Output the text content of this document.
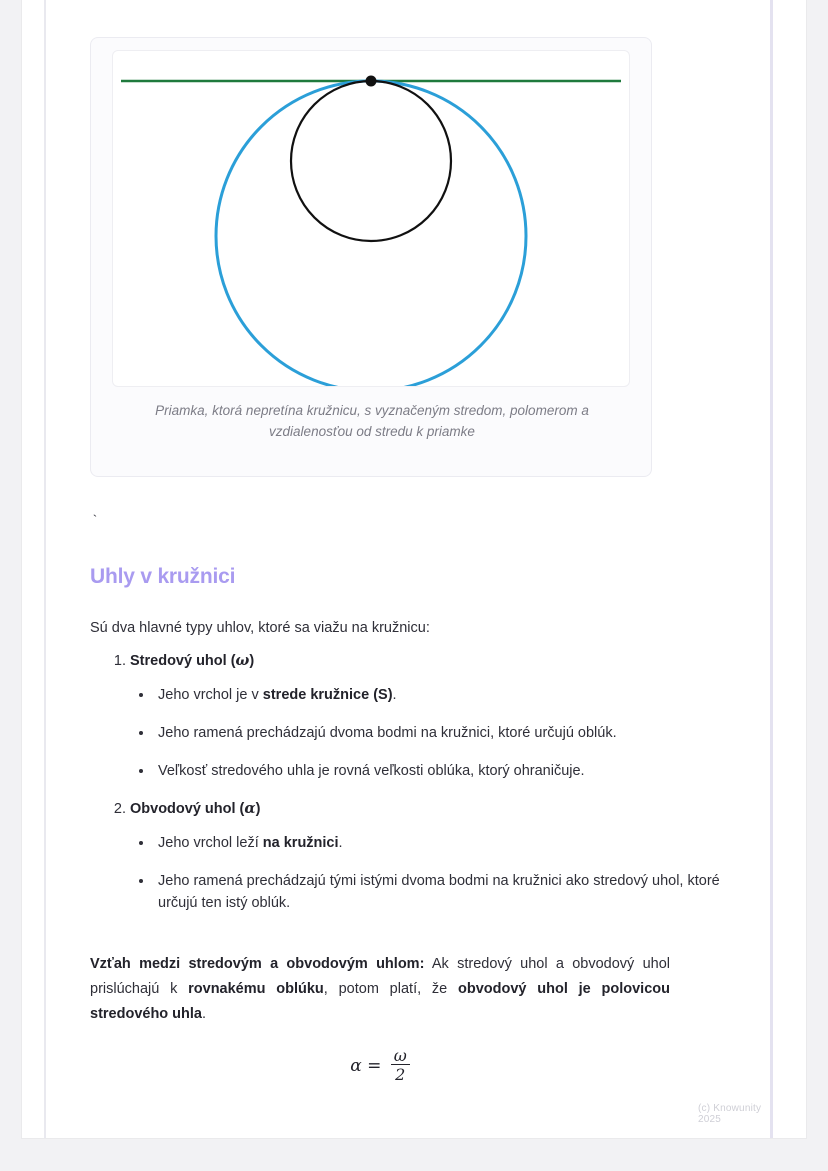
Priamka, ktorá nepretína kružnicu, s vyznačeným stredom, polomerom a vzdialenosťou od stredu k priamke
`
Uhly v kružnici

Sú dva hlavné typy uhlov, ktoré sa viažu na kružnicu:

1. Stredový uhol (ω)
• Jeho vrchol je v strede kružnice (S).
• Jeho ramená prechádzajú dvoma bodmi na kružnici, ktoré určujú oblúk.
• Veľkosť stredového uhla je rovná veľkosti oblúka, ktorý ohraničuje.
2. Obvodový uhol (α)
• Jeho vrchol leží na kružnici.
• Jeho ramená prechádzajú tými istými dvoma bodmi na kružnici ako stredový uhol, ktoré určujú ten istý oblúk.

Vzťah medzi stredovým a obvodovým uhlom: Ak stredový uhol a obvodový uhol prislúchajú k rovnakému oblúku, potom platí, že obvodový uhol je polovicou stredového uhla.

$\alpha = \frac{\omega}{2}$
(c) Knowunity 2025
